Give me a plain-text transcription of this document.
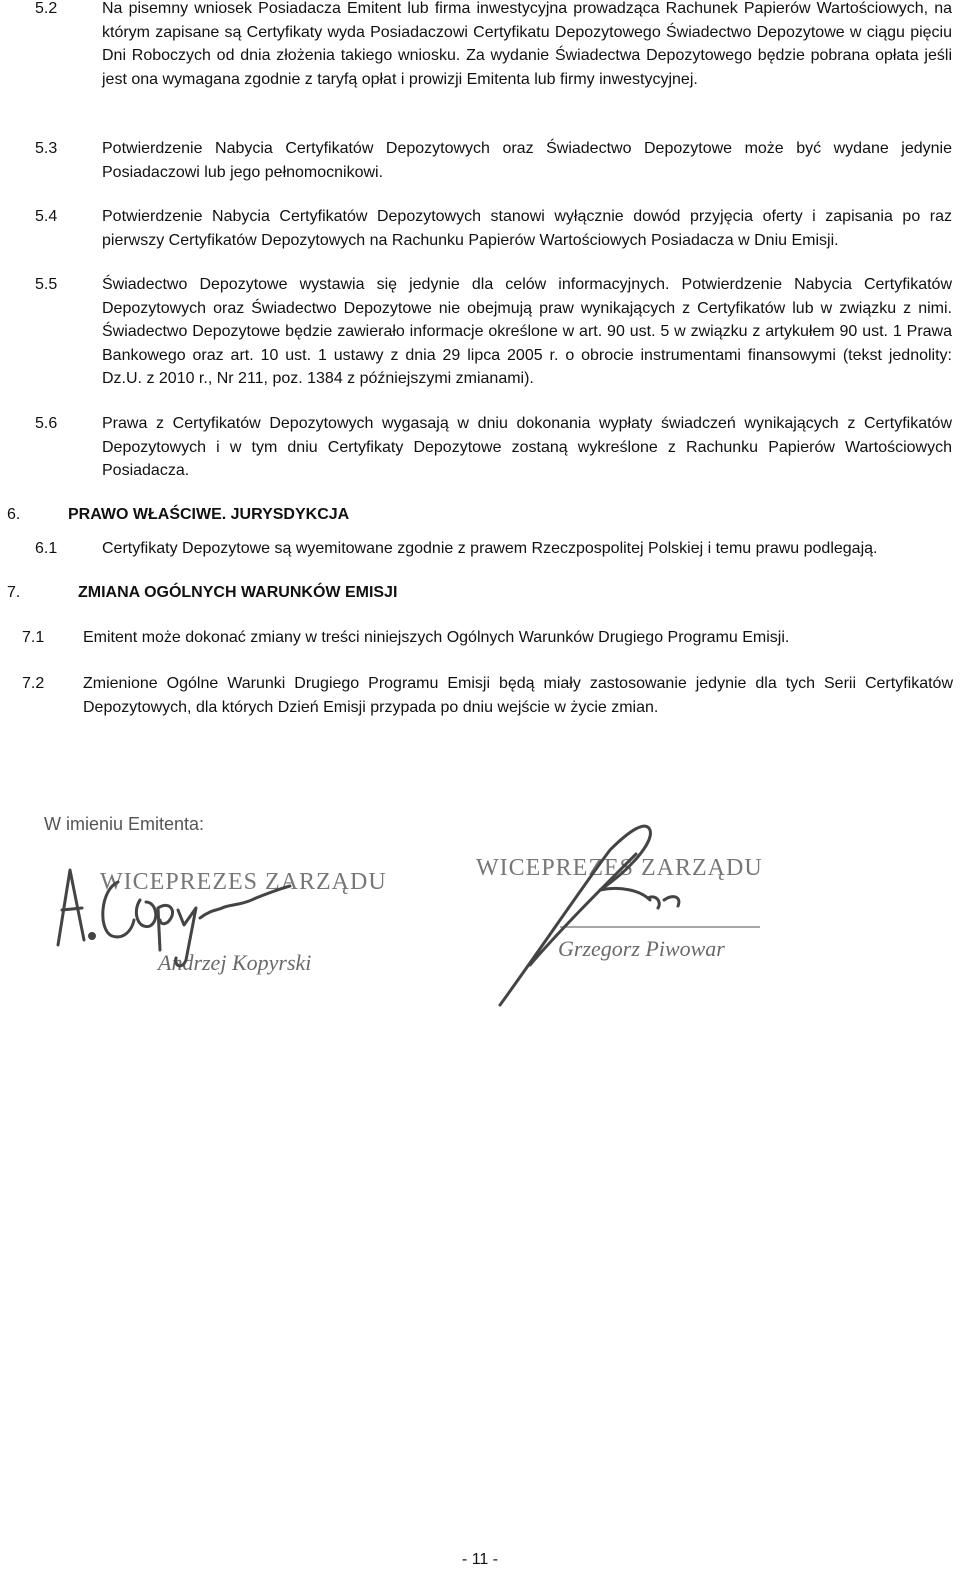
5.2	Na pisemny wniosek Posiadacza Emitent lub firma inwestycyjna prowadząca Rachunek Papierów Wartościowych, na którym zapisane są Certyfikaty wyda Posiadaczowi Certyfikatu Depozytowego Świadectwo Depozytowe w ciągu pięciu Dni Roboczych od dnia złożenia takiego wniosku. Za wydanie Świadectwa Depozytowego będzie pobrana opłata jeśli jest ona wymagana zgodnie z taryfą opłat i prowizji Emitenta lub firmy inwestycyjnej.
5.3	Potwierdzenie Nabycia Certyfikatów Depozytowych oraz Świadectwo Depozytowe może być wydane jedynie Posiadaczowi lub jego pełnomocnikowi.
5.4	Potwierdzenie Nabycia Certyfikatów Depozytowych stanowi wyłącznie dowód przyjęcia oferty i zapisania po raz pierwszy Certyfikatów Depozytowych na Rachunku Papierów Wartościowych Posiadacza w Dniu Emisji.
5.5	Świadectwo Depozytowe wystawia się jedynie dla celów informacyjnych. Potwierdzenie Nabycia Certyfikatów Depozytowych oraz Świadectwo Depozytowe nie obejmują praw wynikających z Certyfikatów lub w związku z nimi. Świadectwo Depozytowe będzie zawierało informacje określone w art. 90 ust. 5 w związku z artykułem 90 ust. 1 Prawa Bankowego oraz art. 10 ust. 1 ustawy z dnia 29 lipca 2005 r. o obrocie instrumentami finansowymi (tekst jednolity: Dz.U. z 2010 r., Nr 211, poz. 1384 z późniejszymi zmianami).
5.6	Prawa z Certyfikatów Depozytowych wygasają w dniu dokonania wypłaty świadczeń wynikających z Certyfikatów Depozytowych i w tym dniu Certyfikaty Depozytowe zostaną wykreślone z Rachunku Papierów Wartościowych Posiadacza.
6.	PRAWO WŁAŚCIWE. JURYSDYKCJA
6.1	Certyfikaty Depozytowe są wyemitowane zgodnie z prawem Rzeczpospolitej Polskiej i temu prawu podlegają.
7.	ZMIANA OGÓLNYCH WARUNKÓW EMISJI
7.1 Emitent może dokonać zmiany w treści niniejszych Ogólnych Warunków Drugiego Programu Emisji.
7.2 Zmienione Ogólne Warunki Drugiego Programu Emisji będą miały zastosowanie jedynie dla tych Serii Certyfikatów Depozytowych, dla których Dzień Emisji przypada po dniu wejście w życie zmian.
W imieniu Emitenta:
WICEPREZES ZARZĄDU
Andrzej Kopyrski
WICEPREZES ZARZĄDU
Grzegorz Piwowar
- 11 -
